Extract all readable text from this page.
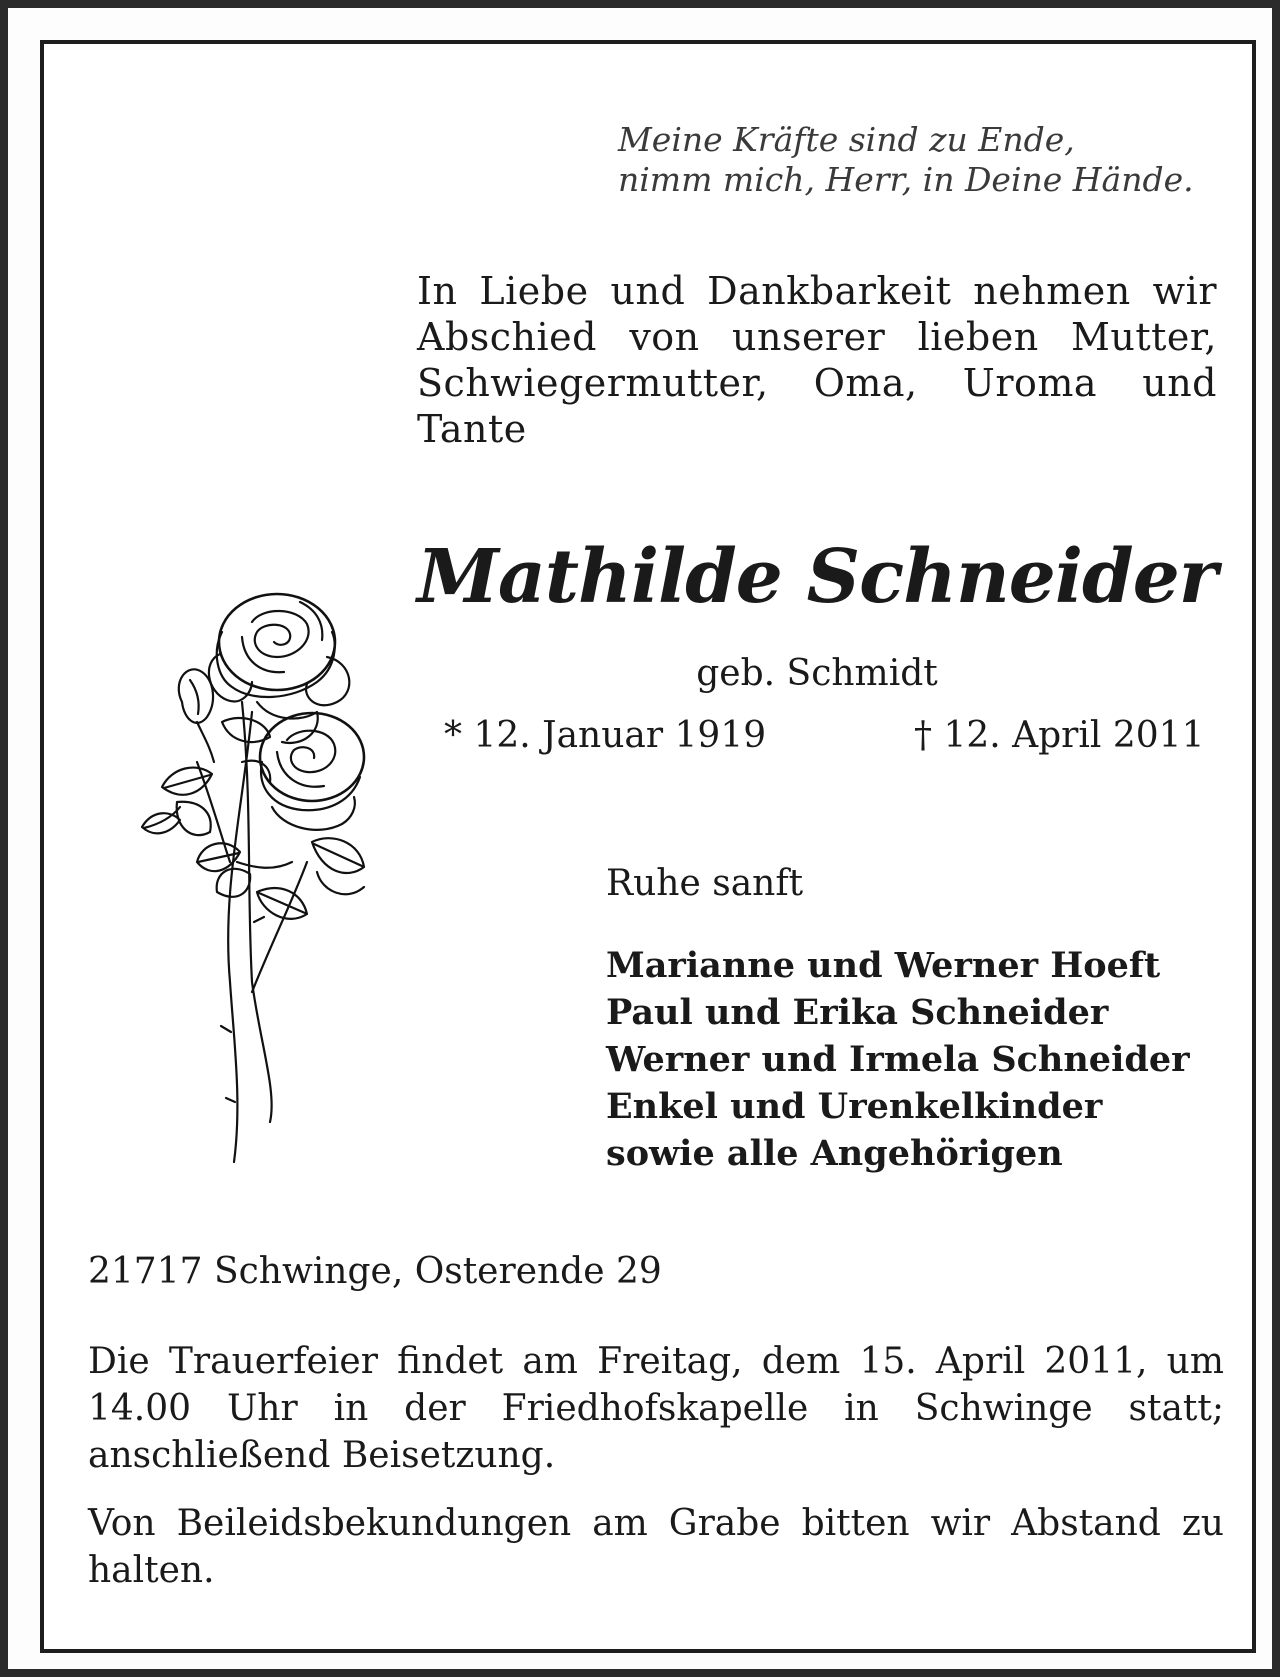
Meine Kräfte sind zu Ende,
nimm mich, Herr, in Deine Hände.
In Liebe und Dankbarkeit nehmen wir Abschied von unserer lieben Mutter, Schwiegermutter, Oma, Uroma und Tante
Mathilde Schneider
geb. Schmidt
* 12. Januar 1919	† 12. April 2011
Ruhe sanft
Marianne und Werner Hoeft
Paul und Erika Schneider
Werner und Irmela Schneider
Enkel und Urenkelkinder
sowie alle Angehörigen
21717 Schwinge, Osterende 29
Die Trauerfeier findet am Freitag, dem 15. April 2011, um 14.00 Uhr in der Friedhofskapelle in Schwinge statt; anschließend Beisetzung.
Von Beileidsbekundungen am Grabe bitten wir Abstand zu halten.
